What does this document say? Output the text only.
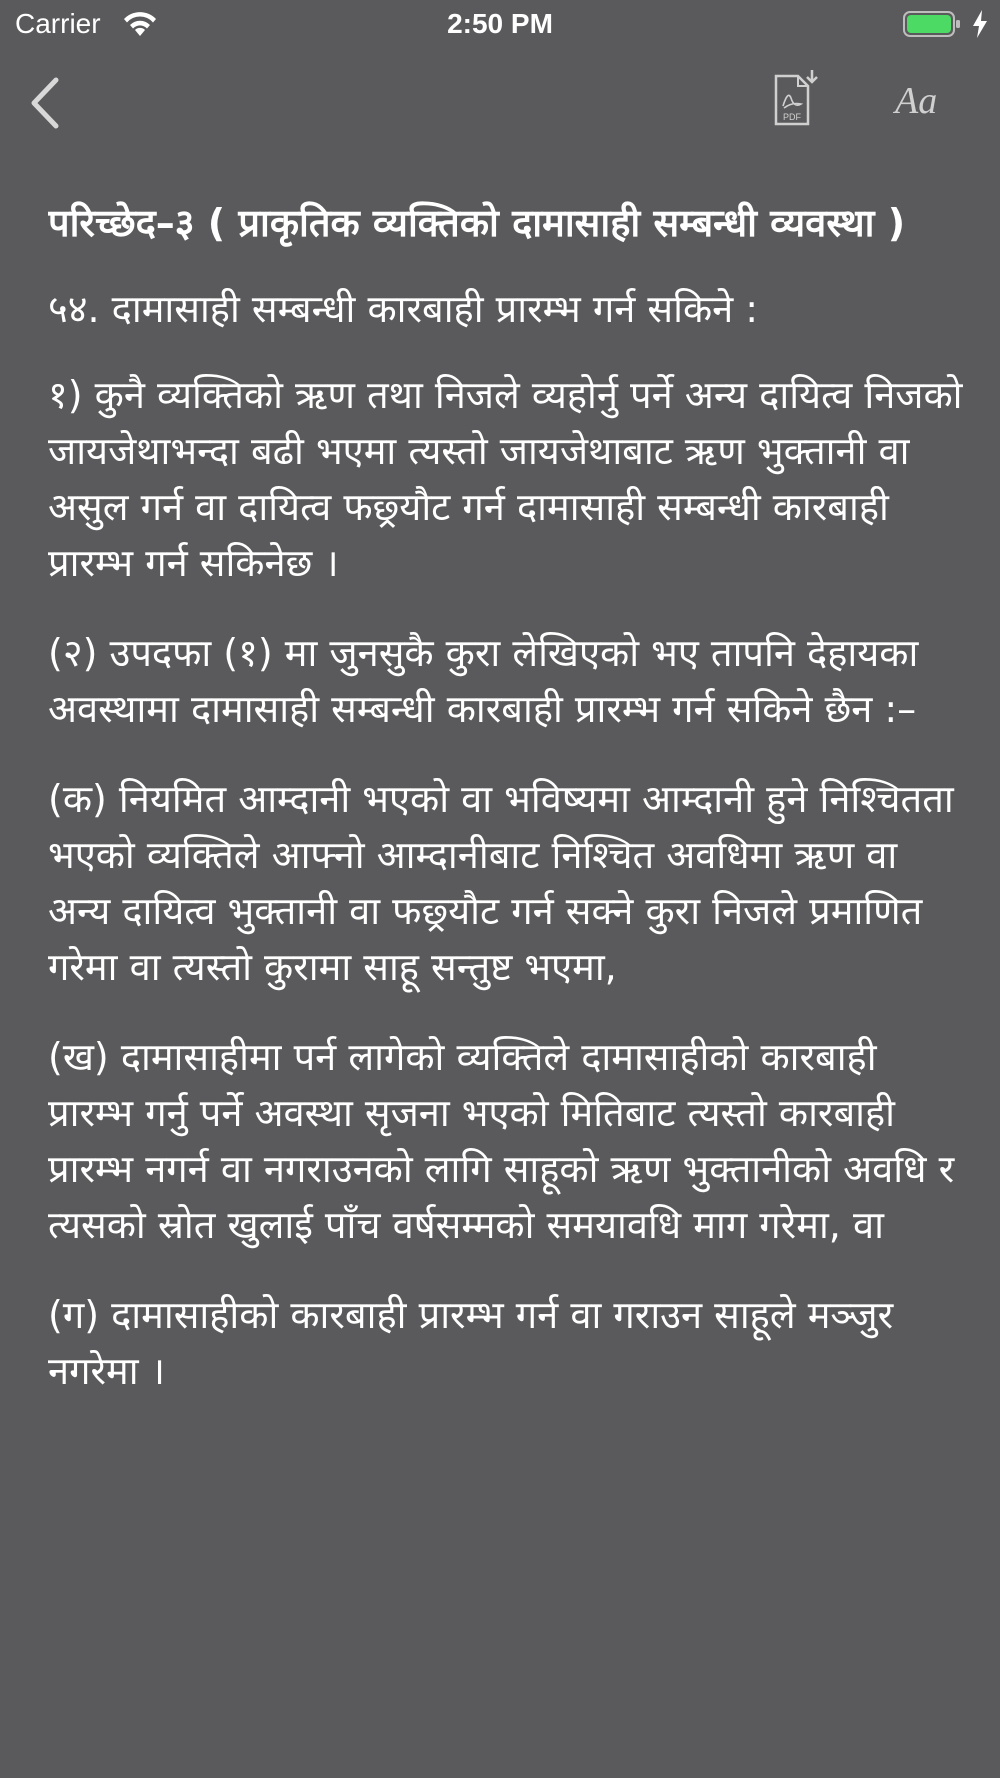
Carrier	2:50 PM
PDF Aa

परिच्छेद–३ ( प्राकृतिक व्यक्तिको दामासाही सम्बन्धी व्यवस्था )

५४. दामासाही सम्बन्धी कारबाही प्रारम्भ गर्न सकिने :

१) कुनै व्यक्तिको ऋण तथा निजले व्यहोर्नु पर्ने अन्य दायित्व निजको जायजेथाभन्दा बढी भएमा त्यस्तो जायजेथाबाट ऋण भुक्तानी वा असुल गर्न वा दायित्व फछ्र्यौट गर्न दामासाही सम्बन्धी कारबाही प्रारम्भ गर्न सकिनेछ ।

(२) उपदफा (१) मा जुनसुकै कुरा लेखिएको भए तापनि देहायका अवस्थामा दामासाही सम्बन्धी कारबाही प्रारम्भ गर्न सकिने छैन :–

(क) नियमित आम्दानी भएको वा भविष्यमा आम्दानी हुने निश्चितता भएको व्यक्तिले आफ्नो आम्दानीबाट निश्चित अवधिमा ऋण वा अन्य दायित्व भुक्तानी वा फछ्र्यौट गर्न सक्ने कुरा निजले प्रमाणित गरेमा वा त्यस्तो कुरामा साहू सन्तुष्ट भएमा,

(ख) दामासाहीमा पर्न लागेको व्यक्तिले दामासाहीको कारबाही प्रारम्भ गर्नु पर्ने अवस्था सृजना भएको मितिबाट त्यस्तो कारबाही प्रारम्भ नगर्न वा नगराउनको लागि साहूको ऋण भुक्तानीको अवधि र त्यसको स्रोत खुलाई पाँच वर्षसम्मको समयावधि माग गरेमा, वा

(ग) दामासाहीको कारबाही प्रारम्भ गर्न वा गराउन साहूले मञ्जुर नगरेमा ।
